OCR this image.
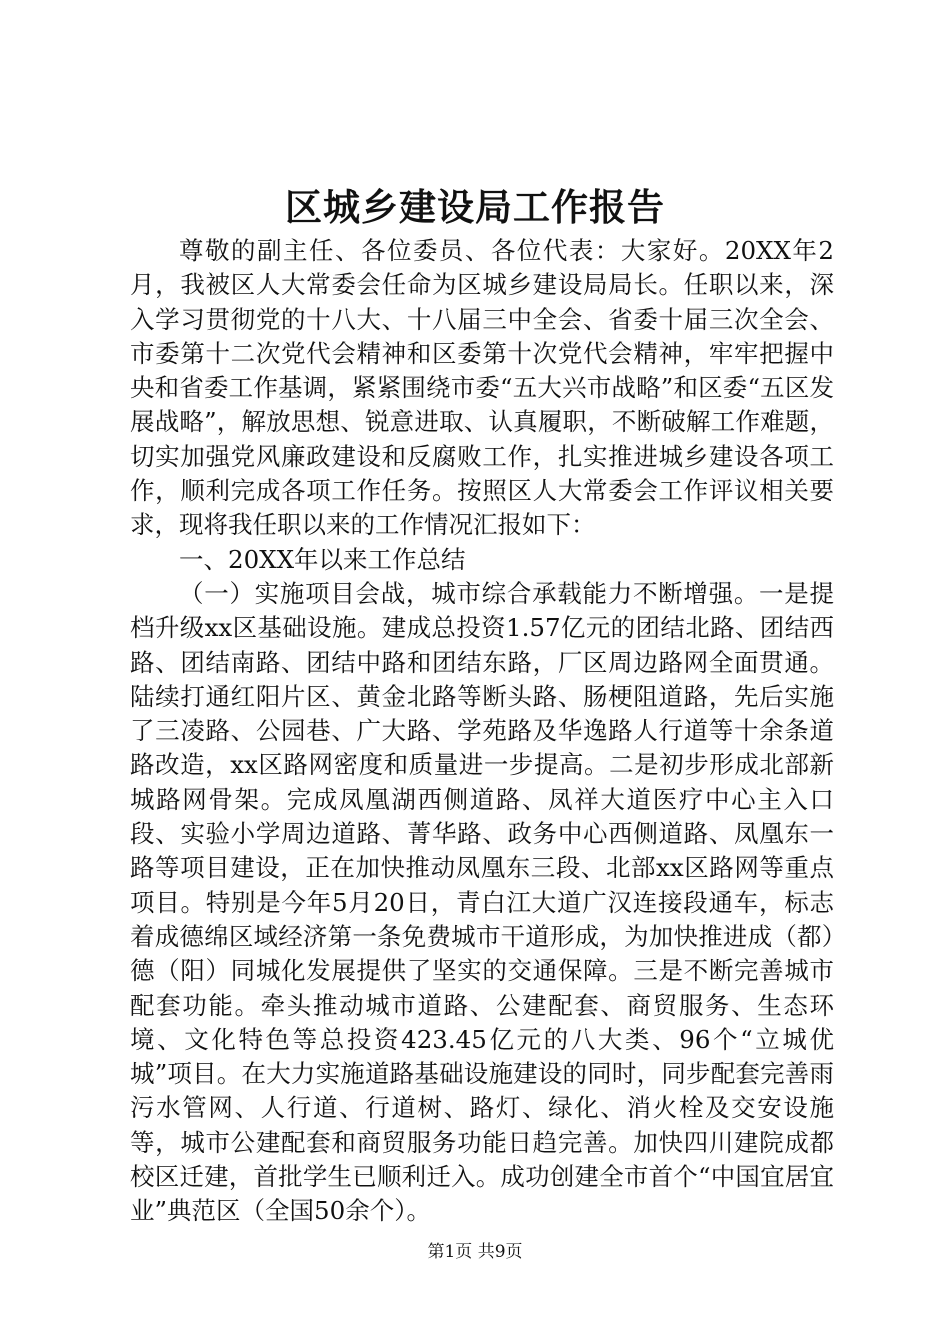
区城乡建设局工作报告

尊敬的副主任、各位委员、各位代表：大家好。20XX年2月，我被区人大常委会任命为区城乡建设局局长。任职以来，深入学习贯彻党的十八大、十八届三中全会、省委十届三次全会、市委第十二次党代会精神和区委第十次党代会精神，牢牢把握中央和省委工作基调，紧紧围绕市委“五大兴市战略”和区委“五区发展战略”，解放思想、锐意进取、认真履职，不断破解工作难题，切实加强党风廉政建设和反腐败工作，扎实推进城乡建设各项工作，顺利完成各项工作任务。按照区人大常委会工作评议相关要求，现将我任职以来的工作情况汇报如下：

一、20XX年以来工作总结

（一）实施项目会战，城市综合承载能力不断增强。一是提档升级xx区基础设施。建成总投资1.57亿元的团结北路、团结西路、团结南路、团结中路和团结东路，厂区周边路网全面贯通。陆续打通红阳片区、黄金北路等断头路、肠梗阻道路，先后实施了三凌路、公园巷、广大路、学苑路及华逸路人行道等十余条道路改造，xx区路网密度和质量进一步提高。二是初步形成北部新城路网骨架。完成凤凰湖西侧道路、凤祥大道医疗中心主入口段、实验小学周边道路、菁华路、政务中心西侧道路、凤凰东一路等项目建设，正在加快推动凤凰东三段、北部xx区路网等重点项目。特别是今年5月20日，青白江大道广汉连接段通车，标志着成德绵区域经济第一条免费城市干道形成，为加快推进成（都）德（阳）同城化发展提供了坚实的交通保障。三是不断完善城市配套功能。牵头推动城市道路、公建配套、商贸服务、生态环境、文化特色等总投资423.45亿元的八大类、96个“立城优城”项目。在大力实施道路基础设施建设的同时，同步配套完善雨污水管网、人行道、行道树、路灯、绿化、消火栓及交安设施等，城市公建配套和商贸服务功能日趋完善。加快四川建院成都校区迁建，首批学生已顺利迁入。成功创建全市首个“中国宜居宜业”典范区（全国50余个）。

第1页 共9页
